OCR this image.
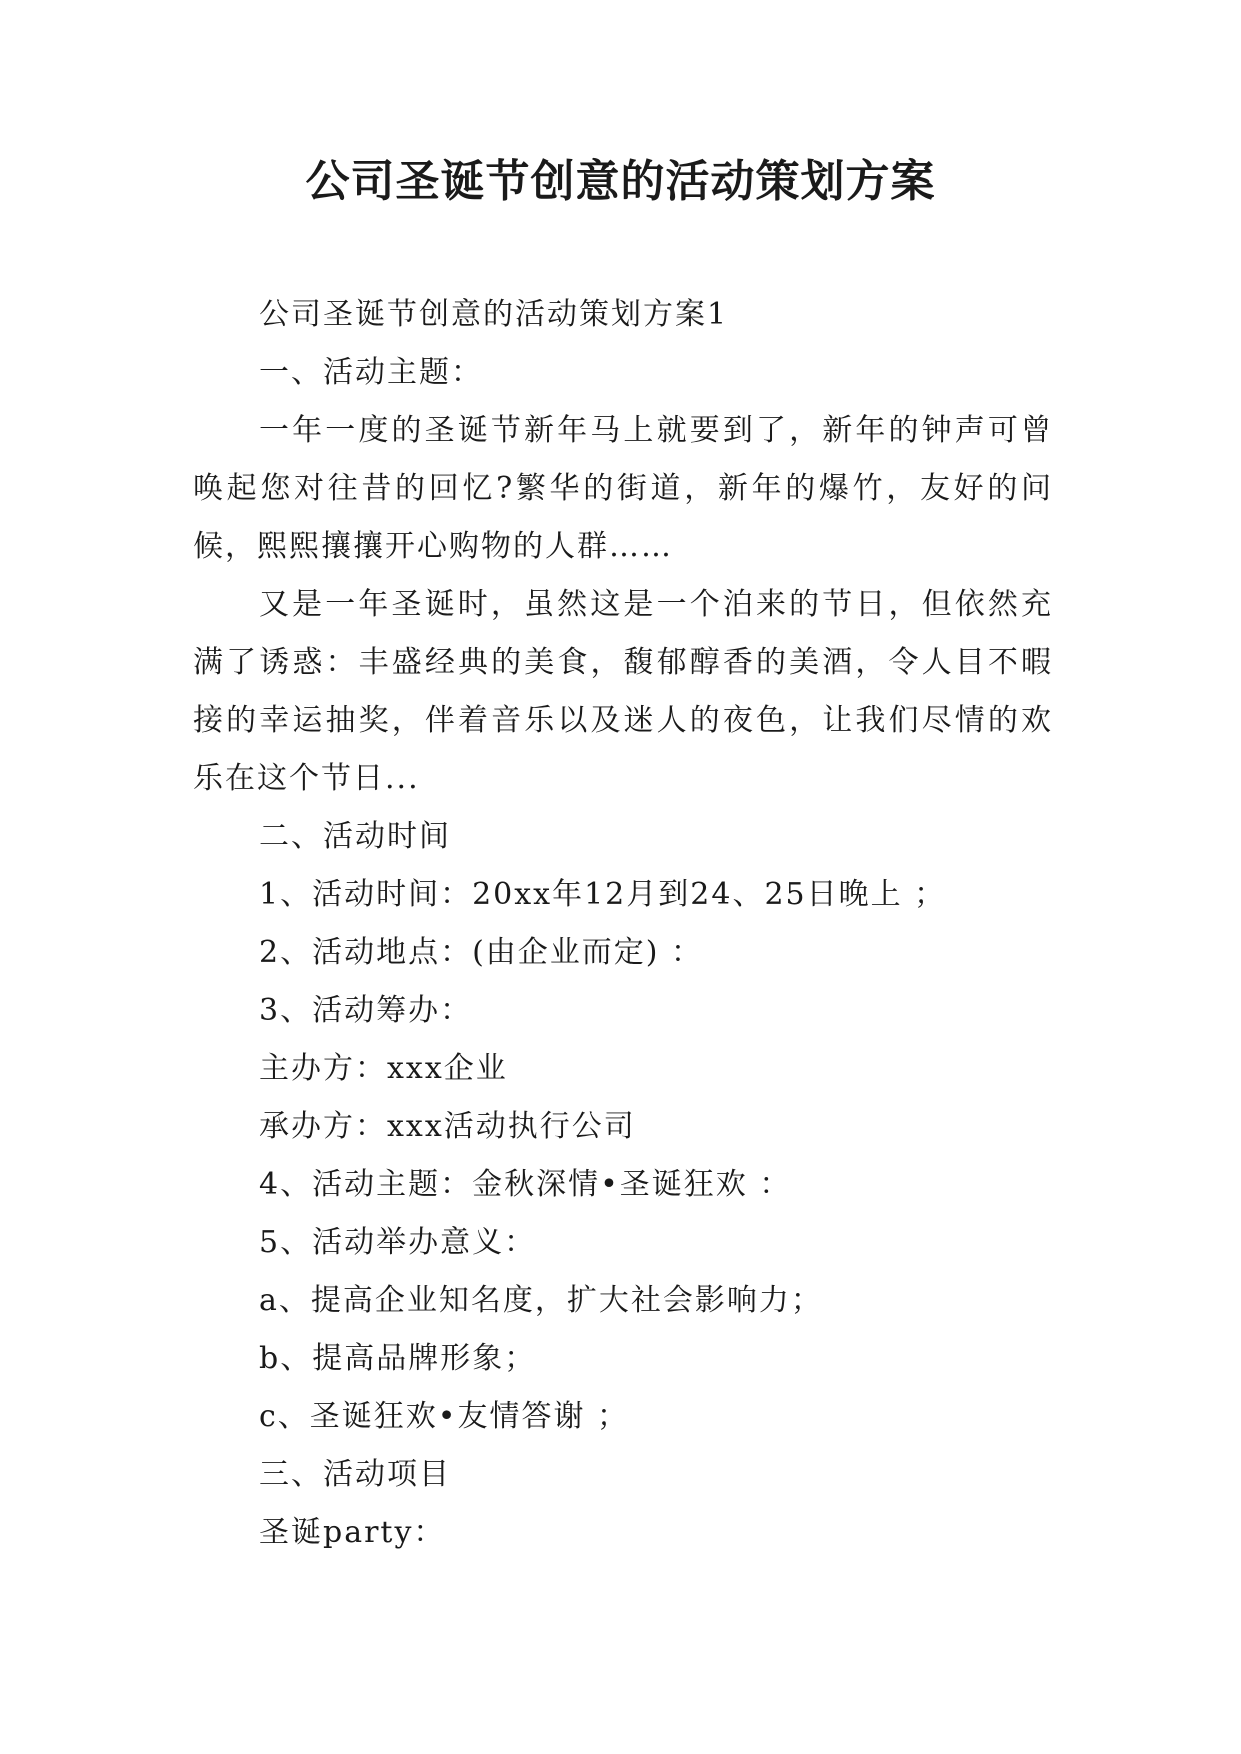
公司圣诞节创意的活动策划方案

公司圣诞节创意的活动策划方案1

一、活动主题：

一年一度的圣诞节新年马上就要到了，新年的钟声可曾唤起您对往昔的回忆?繁华的街道，新年的爆竹，友好的问候，熙熙攘攘开心购物的人群……

又是一年圣诞时，虽然这是一个泊来的节日，但依然充满了诱惑：丰盛经典的美食，馥郁醇香的美酒，令人目不暇接的幸运抽奖，伴着音乐以及迷人的夜色，让我们尽情的欢乐在这个节日...

二、活动时间

1、活动时间：20xx年12月到24、25日晚上 ；

2、活动地点：(由企业而定) ：

3、活动筹办：

主办方：xxx企业

承办方：xxx活动执行公司

4、活动主题：金秋深情•圣诞狂欢 ：

5、活动举办意义：

a、提高企业知名度，扩大社会影响力；

b、提高品牌形象；

c、圣诞狂欢•友情答谢 ；

三、活动项目

圣诞party：
